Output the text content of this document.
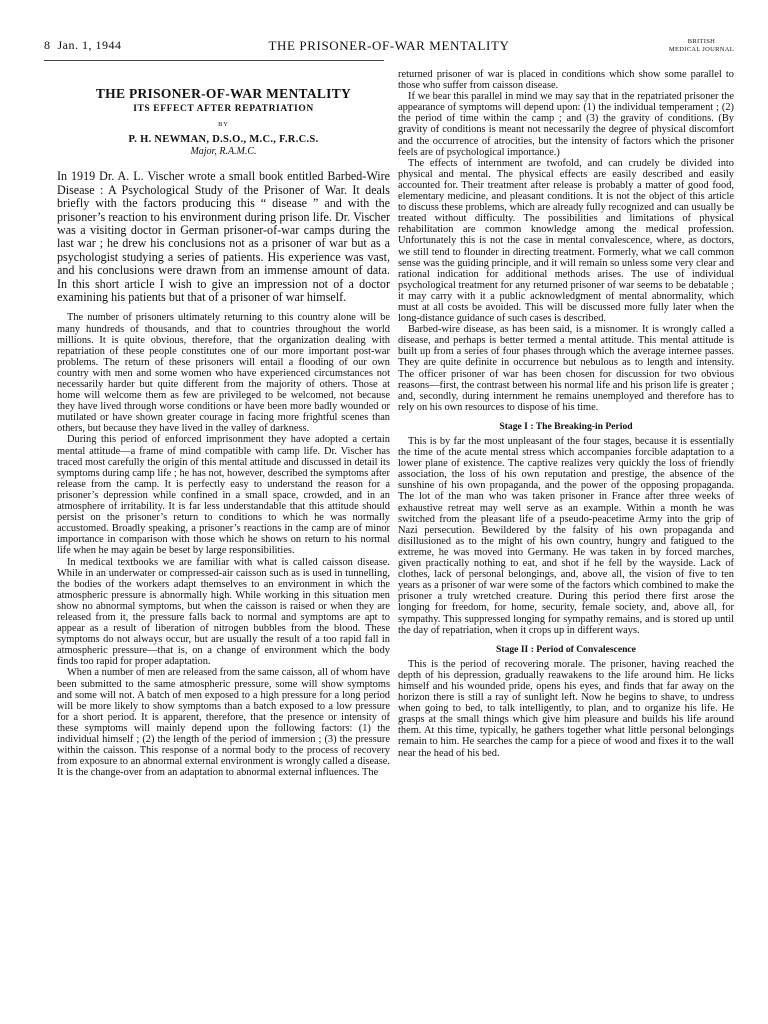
8 Jan. 1, 1944	THE PRISONER-OF-WAR MENTALITY	BRITISH
MEDICAL JOURNAL
THE PRISONER-OF-WAR MENTALITY
ITS EFFECT AFTER REPATRIATION
BY
P. H. NEWMAN, D.S.O., M.C., F.R.C.S.
Major, R.A.M.C.

In 1919 Dr. A. L. Vischer wrote a small book entitled Barbed-Wire Disease : A Psychological Study of the Prisoner of War. It deals briefly with the factors producing this “ disease ” and with the prisoner’s reaction to his environment during prison life. Dr. Vischer was a visiting doctor in German prisoner-of-war camps during the last war ; he drew his conclusions not as a prisoner of war but as a psychologist studying a series of patients. His experience was vast, and his conclusions were drawn from an immense amount of data. In this short article I wish to give an impression not of a doctor examining his patients but that of a prisoner of war himself.

The number of prisoners ultimately returning to this country alone will be many hundreds of thousands, and that to countries throughout the world millions. It is quite obvious, therefore, that the organization dealing with repatriation of these people constitutes one of our more important post-war problems. The return of these prisoners will entail a flooding of our own country with men and some women who have experienced circumstances not necessarily harder but quite different from the majority of others. Those at home will welcome them as few are privileged to be welcomed, not because they have lived through worse conditions or have been more badly wounded or mutilated or have shown greater courage in facing more frightful scenes than others, but because they have lived in the valley of darkness.

During this period of enforced imprisonment they have adopted a certain mental attitude—a frame of mind compatible with camp life. Dr. Vischer has traced most carefully the origin of this mental attitude and discussed in detail its symptoms during camp life ; he has not, however, described the symptoms after release from the camp. It is perfectly easy to understand the reason for a prisoner’s depression while confined in a small space, crowded, and in an atmosphere of irritability. It is far less understandable that this attitude should persist on the prisoner’s return to conditions to which he was normally accustomed. Broadly speaking, a prisoner’s reactions in the camp are of minor importance in comparison with those which he shows on return to his normal life when he may again be beset by large responsibilities.

In medical textbooks we are familiar with what is called caisson disease. While in an underwater or compressed-air caisson such as is used in tunnelling, the bodies of the workers adapt themselves to an environment in which the atmospheric pressure is abnormally high. While working in this situation men show no abnormal symptoms, but when the caisson is raised or when they are released from it, the pressure falls back to normal and symptoms are apt to appear as a result of liberation of nitrogen bubbles from the blood. These symptoms do not always occur, but are usually the result of a too rapid fall in atmospheric pressure—that is, on a change of environment which the body finds too rapid for proper adaptation.

When a number of men are released from the same caisson, all of whom have been submitted to the same atmospheric pressure, some will show symptoms and some will not. A batch of men exposed to a high pressure for a long period will be more likely to show symptoms than a batch exposed to a low pressure for a short period. It is apparent, therefore, that the presence or intensity of these symptoms will mainly depend upon the following factors: (1) the individual himself ; (2) the length of the period of immersion ; (3) the pressure within the caisson. This response of a normal body to the process of recovery from exposure to an abnormal external environment is wrongly called a disease. It is the change-over from an adaptation to abnormal external influences. The

returned prisoner of war is placed in conditions which show some parallel to those who suffer from caisson disease.

If we bear this parallel in mind we may say that in the repatriated prisoner the appearance of symptoms will depend upon: (1) the individual temperament ; (2) the period of time within the camp ; and (3) the gravity of conditions. (By gravity of conditions is meant not necessarily the degree of physical discomfort and the occurrence of atrocities, but the intensity of factors which the prisoner feels are of psychological importance.)

The effects of internment are twofold, and can crudely be divided into physical and mental. The physical effects are easily described and easily accounted for. Their treatment after release is probably a matter of good food, elementary medicine, and pleasant conditions. It is not the object of this article to discuss these problems, which are already fully recognized and can usually be treated without difficulty. The possibilities and limitations of physical rehabilitation are common knowledge among the medical profession. Unfortunately this is not the case in mental convalescence, where, as doctors, we still tend to flounder in directing treatment. Formerly, what we call common sense was the guiding principle, and it will remain so unless some very clear and rational indication for additional methods arises. The use of individual psychological treatment for any returned prisoner of war seems to be debatable ; it may carry with it a public acknowledgment of mental abnormality, which must at all costs be avoided. This will be discussed more fully later when the long-distance guidance of such cases is described.

Barbed-wire disease, as has been said, is a misnomer. It is wrongly called a disease, and perhaps is better termed a mental attitude. This mental attitude is built up from a series of four phases through which the average internee passes. They are quite definite in occurrence but nebulous as to length and intensity. The officer prisoner of war has been chosen for discussion for two obvious reasons—first, the contrast between his normal life and his prison life is greater ; and, secondly, during internment he remains unemployed and therefore has to rely on his own resources to dispose of his time.

Stage I : The Breaking-in Period

This is by far the most unpleasant of the four stages, because it is essentially the time of the acute mental stress which accompanies forcible adaptation to a lower plane of existence. The captive realizes very quickly the loss of friendly association, the loss of his own reputation and prestige, the absence of the sunshine of his own propaganda, and the power of the opposing propaganda. The lot of the man who was taken prisoner in France after three weeks of exhaustive retreat may well serve as an example. Within a month he was switched from the pleasant life of a pseudo-peacetime Army into the grip of Nazi persecution. Bewildered by the falsity of his own propaganda and disillusioned as to the might of his own country, hungry and fatigued to the extreme, he was moved into Germany. He was taken in by forced marches, given practically nothing to eat, and shot if he fell by the wayside. Lack of clothes, lack of personal belongings, and, above all, the vision of five to ten years as a prisoner of war were some of the factors which combined to make the prisoner a truly wretched creature. During this period there first arose the longing for freedom, for home, security, female society, and, above all, for sympathy. This suppressed longing for sympathy remains, and is stored up until the day of repatriation, when it crops up in different ways.

Stage II : Period of Convalescence

This is the period of recovering morale. The prisoner, having reached the depth of his depression, gradually reawakens to the life around him. He licks himself and his wounded pride, opens his eyes, and finds that far away on the horizon there is still a ray of sunlight left. Now he begins to shave, to undress when going to bed, to talk intelligently, to plan, and to organize his life. He grasps at the small things which give him pleasure and builds his life around them. At this time, typically, he gathers together what little personal belongings remain to him. He searches the camp for a piece of wood and fixes it to the wall near the head of his bed.
